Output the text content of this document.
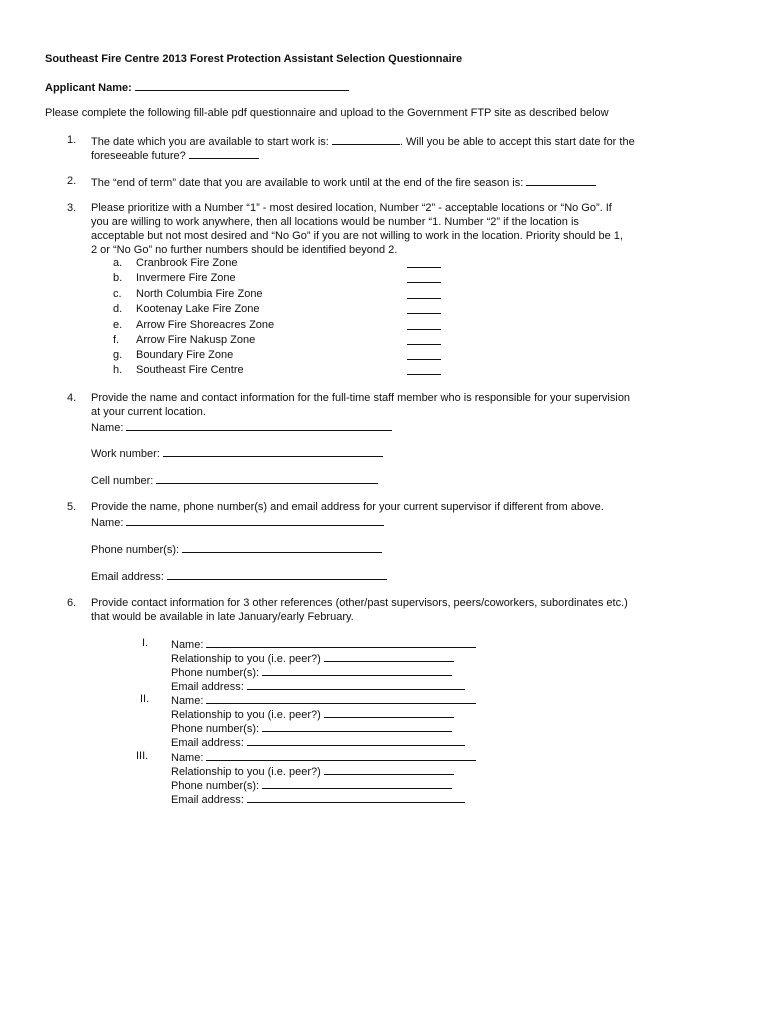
Southeast Fire Centre 2013 Forest Protection Assistant Selection Questionnaire
Applicant Name:
Please complete the following fill-able pdf questionnaire and upload to the Government FTP site as described below
1. The date which you are available to start work is:	. Will you be able to accept this start date for the
foreseeable future?
2. The “end of term” date that you are available to work until at the end of the fire season is:
3. Please prioritize with a Number “1” - most desired location, Number “2” - acceptable locations or “No Go”. If
you are willing to work anywhere, then all locations would be number “1. Number “2” if the location is
acceptable but not most desired and “No Go” if you are not willing to work in the location. Priority should be 1,
2 or “No Go” no further numbers should be identified beyond 2.
a. Cranbrook Fire Zone
b. Invermere Fire Zone
c. North Columbia Fire Zone
d. Kootenay Lake Fire Zone
e. Arrow Fire Shoreacres Zone
f. Arrow Fire Nakusp Zone
g. Boundary Fire Zone
h. Southeast Fire Centre
4. Provide the name and contact information for the full-time staff member who is responsible for your supervision
at your current location.
Name:
Work number:
Cell number:
5. Provide the name, phone number(s) and email address for your current supervisor if different from above.
Name:
Phone number(s):
Email address:
6. Provide contact information for 3 other references (other/past supervisors, peers/coworkers, subordinates etc.)
that would be available in late January/early February.
I. Name:
Relationship to you (i.e. peer?)
Phone number(s):
Email address:
II. Name:
Relationship to you (i.e. peer?)
Phone number(s):
Email address:
III. Name:
Relationship to you (i.e. peer?)
Phone number(s):
Email address:
